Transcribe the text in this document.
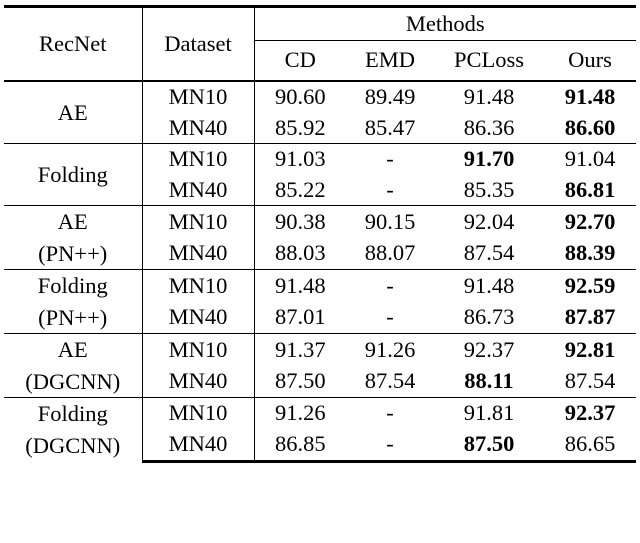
RecNet	Dataset	Methods			
		CD	EMD	PCLoss	Ours
AE	MN10	90.60	89.49	91.48	91.48
	MN40	85.92	85.47	86.36	86.60
Folding	MN10	91.03	-	91.70	91.04
	MN40	85.22	-	85.35	86.81
AE
(PN++)	MN10	90.38	90.15	92.04	92.70
	MN40	88.03	88.07	87.54	88.39
Folding
(PN++)	MN10	91.48	-	91.48	92.59
	MN40	87.01	-	86.73	87.87
AE
(DGCNN)	MN10	91.37	91.26	92.37	92.81
	MN40	87.50	87.54	88.11	87.54
Folding
(DGCNN)	MN10	91.26	-	91.81	92.37
	MN40	86.85	-	87.50	86.65
